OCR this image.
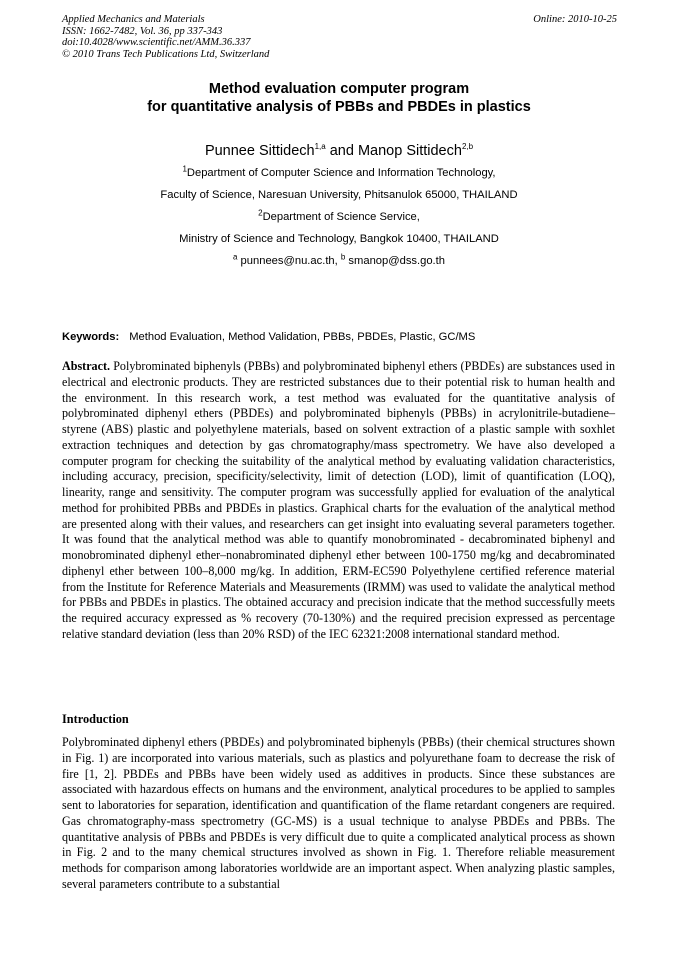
Applied Mechanics and Materials
ISSN: 1662-7482, Vol. 36, pp 337-343
doi:10.4028/www.scientific.net/AMM.36.337
© 2010 Trans Tech Publications Ltd, Switzerland
Online: 2010-10-25
Method evaluation computer program
for quantitative analysis of PBBs and PBDEs in plastics
Punnee Sittidech$^{1,a}$ and Manop Sittidech$^{2,b}$
$^1$Department of Computer Science and Information Technology,
Faculty of Science, Naresuan University, Phitsanulok 65000, THAILAND
$^2$Department of Science Service,
Ministry of Science and Technology, Bangkok 10400, THAILAND
$^a$ punnees@nu.ac.th, $^b$ smanop@dss.go.th
Keywords: Method Evaluation, Method Validation, PBBs, PBDEs, Plastic, GC/MS
Abstract. Polybrominated biphenyls (PBBs) and polybrominated biphenyl ethers (PBDEs) are substances used in electrical and electronic products. They are restricted substances due to their potential risk to human health and the environment. In this research work, a test method was evaluated for the quantitative analysis of polybrominated diphenyl ethers (PBDEs) and polybrominated biphenyls (PBBs) in acrylonitrile-butadiene–styrene (ABS) plastic and polyethylene materials, based on solvent extraction of a plastic sample with soxhlet extraction techniques and detection by gas chromatography/mass spectrometry. We have also developed a computer program for checking the suitability of the analytical method by evaluating validation characteristics, including accuracy, precision, specificity/selectivity, limit of detection (LOD), limit of quantification (LOQ), linearity, range and sensitivity. The computer program was successfully applied for evaluation of the analytical method for prohibited PBBs and PBDEs in plastics. Graphical charts for the evaluation of the analytical method are presented along with their values, and researchers can get insight into evaluating several parameters together. It was found that the analytical method was able to quantify monobrominated - decabrominated biphenyl and monobrominated diphenyl ether–nonabrominated diphenyl ether between 100-1750 mg/kg and decabrominated diphenyl ether between 100–8,000 mg/kg. In addition, ERM-EC590 Polyethylene certified reference material from the Institute for Reference Materials and Measurements (IRMM) was used to validate the analytical method for PBBs and PBDEs in plastics. The obtained accuracy and precision indicate that the method successfully meets the required accuracy expressed as % recovery (70-130%) and the required precision expressed as percentage relative standard deviation (less than 20% RSD) of the IEC 62321:2008 international standard method.
Introduction
Polybrominated diphenyl ethers (PBDEs) and polybrominated biphenyls (PBBs) (their chemical structures shown in Fig. 1) are incorporated into various materials, such as plastics and polyurethane foam to decrease the risk of fire [1, 2]. PBDEs and PBBs have been widely used as additives in products. Since these substances are associated with hazardous effects on humans and the environment, analytical procedures to be applied to samples sent to laboratories for separation, identification and quantification of the flame retardant congeners are required. Gas chromatography-mass spectrometry (GC-MS) is a usual technique to analyse PBDEs and PBBs. The quantitative analysis of PBBs and PBDEs is very difficult due to quite a complicated analytical process as shown in Fig. 2 and to the many chemical structures involved as shown in Fig. 1. Therefore reliable measurement methods for comparison among laboratories worldwide are an important aspect. When analyzing plastic samples, several parameters contribute to a substantial
